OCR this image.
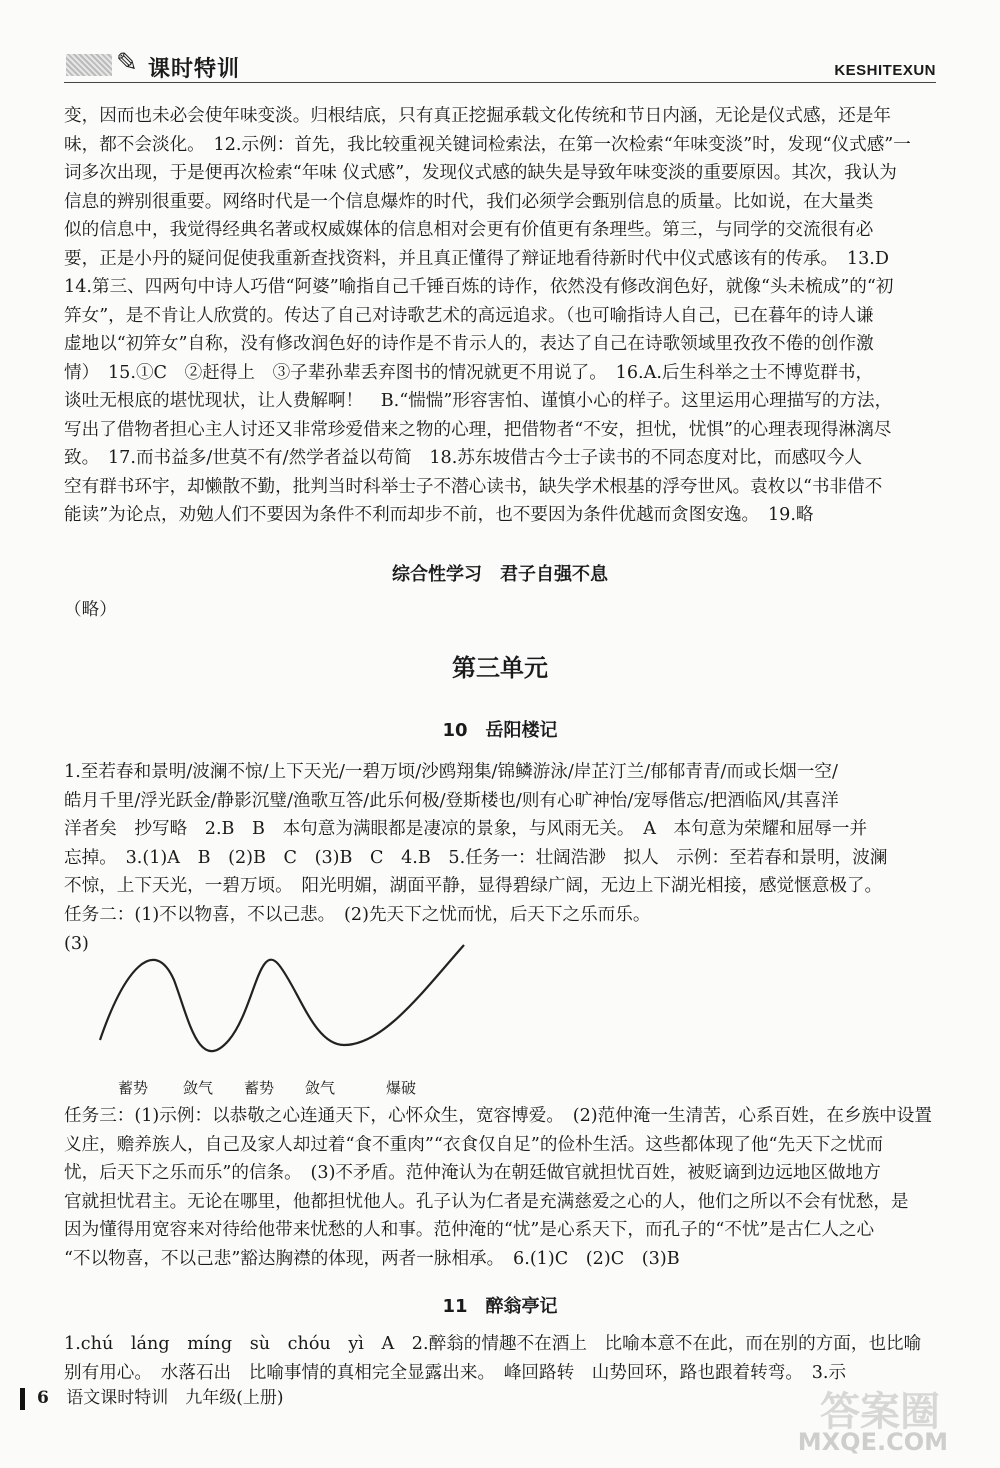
✎ 课时特训	KESHITEXUN

变，因而也未必会使年味变淡。归根结底，只有真正挖掘承载文化传统和节日内涵，无论是仪式感，还是年

味，都不会淡化。　12.示例：首先，我比较重视关键词检索法，在第一次检索“年味变淡”时，发现“仪式感”一

词多次出现，于是便再次检索“年味 仪式感”，发现仪式感的缺失是导致年味变淡的重要原因。其次，我认为

信息的辨别很重要。网络时代是一个信息爆炸的时代，我们必须学会甄别信息的质量。比如说，在大量类

似的信息中，我觉得经典名著或权威媒体的信息相对会更有价值更有条理些。第三，与同学的交流很有必

要，正是小丹的疑问促使我重新查找资料，并且真正懂得了辩证地看待新时代中仪式感该有的传承。　13.D

14.第三、四两句中诗人巧借“阿婆”喻指自己千锤百炼的诗作，依然没有修改润色好，就像“头未梳成”的“初

笄女”，是不肯让人欣赏的。传达了自己对诗歌艺术的高远追求。（也可喻指诗人自己，已在暮年的诗人谦

虚地以“初笄女”自称，没有修改润色好的诗作是不肯示人的，表达了自己在诗歌领域里孜孜不倦的创作激

情）　15.①C　②赶得上　③子辈孙辈丢弃图书的情况就更不用说了。　16.A.后生科举之士不博览群书，

谈吐无根底的堪忧现状，让人费解啊！　B.“惴惴”形容害怕、谨慎小心的样子。这里运用心理描写的方法，

写出了借物者担心主人讨还又非常珍爱借来之物的心理，把借物者“不安，担忧，忧惧”的心理表现得淋漓尽

致。　17.而书益多/世莫不有/然学者益以苟简　18.苏东坡借古今士子读书的不同态度对比，而感叹今人

空有群书环宇，却懒散不勤，批判当时科举士子不潜心读书，缺失学术根基的浮夸世风。袁枚以“书非借不

能读”为论点，劝勉人们不要因为条件不利而却步不前，也不要因为条件优越而贪图安逸。　19.略

综合性学习　君子自强不息
（略）
第三单元
10　岳阳楼记

1.至若春和景明/波澜不惊/上下天光/一碧万顷/沙鸥翔集/锦鳞游泳/岸芷汀兰/郁郁青青/而或长烟一空/

皓月千里/浮光跃金/静影沉璧/渔歌互答/此乐何极/登斯楼也/则有心旷神怡/宠辱偕忘/把酒临风/其喜洋

洋者矣　抄写略　2.B　B　本句意为满眼都是凄凉的景象，与风雨无关。　A　本句意为荣耀和屈辱一并

忘掉。　3.(1)A　B　(2)B　C　(3)B　C　4.B　5.任务一：壮阔浩渺　拟人　示例：至若春和景明，波澜

不惊，上下天光，一碧万顷。　阳光明媚，湖面平静，显得碧绿广阔，无边上下湖光相接，感觉惬意极了。

任务二：(1)不以物喜，不以己悲。　(2)先天下之忧而忧，后天下之乐而乐。

(3)
蓄势 敛气 蓄势 敛气	爆破

任务三：(1)示例：以恭敬之心连通天下，心怀众生，宽容博爱。　(2)范仲淹一生清苦，心系百姓，在乡族中设置

义庄，赡养族人，自己及家人却过着“食不重肉”“衣食仅自足”的俭朴生活。这些都体现了他“先天下之忧而

忧，后天下之乐而乐”的信条。　(3)不矛盾。范仲淹认为在朝廷做官就担忧百姓，被贬谪到边远地区做地方

官就担忧君主。无论在哪里，他都担忧他人。孔子认为仁者是充满慈爱之心的人，他们之所以不会有忧愁，是

因为懂得用宽容来对待给他带来忧愁的人和事。范仲淹的“忧”是心系天下，而孔子的“不忧”是古仁人之心

“不以物喜，不以己悲”豁达胸襟的体现，两者一脉相承。　6.(1)C　(2)C　(3)B

11　醉翁亭记

1.chú　láng　míng　sù　chóu　yì　A　2.醉翁的情趣不在酒上　比喻本意不在此，而在别的方面，也比喻

别有用心。　水落石出　比喻事情的真相完全显露出来。　峰回路转　山势回环，路也跟着转弯。　3.示

6 语文课时特训　九年级(上册)	答案圈
MXQE.COM
